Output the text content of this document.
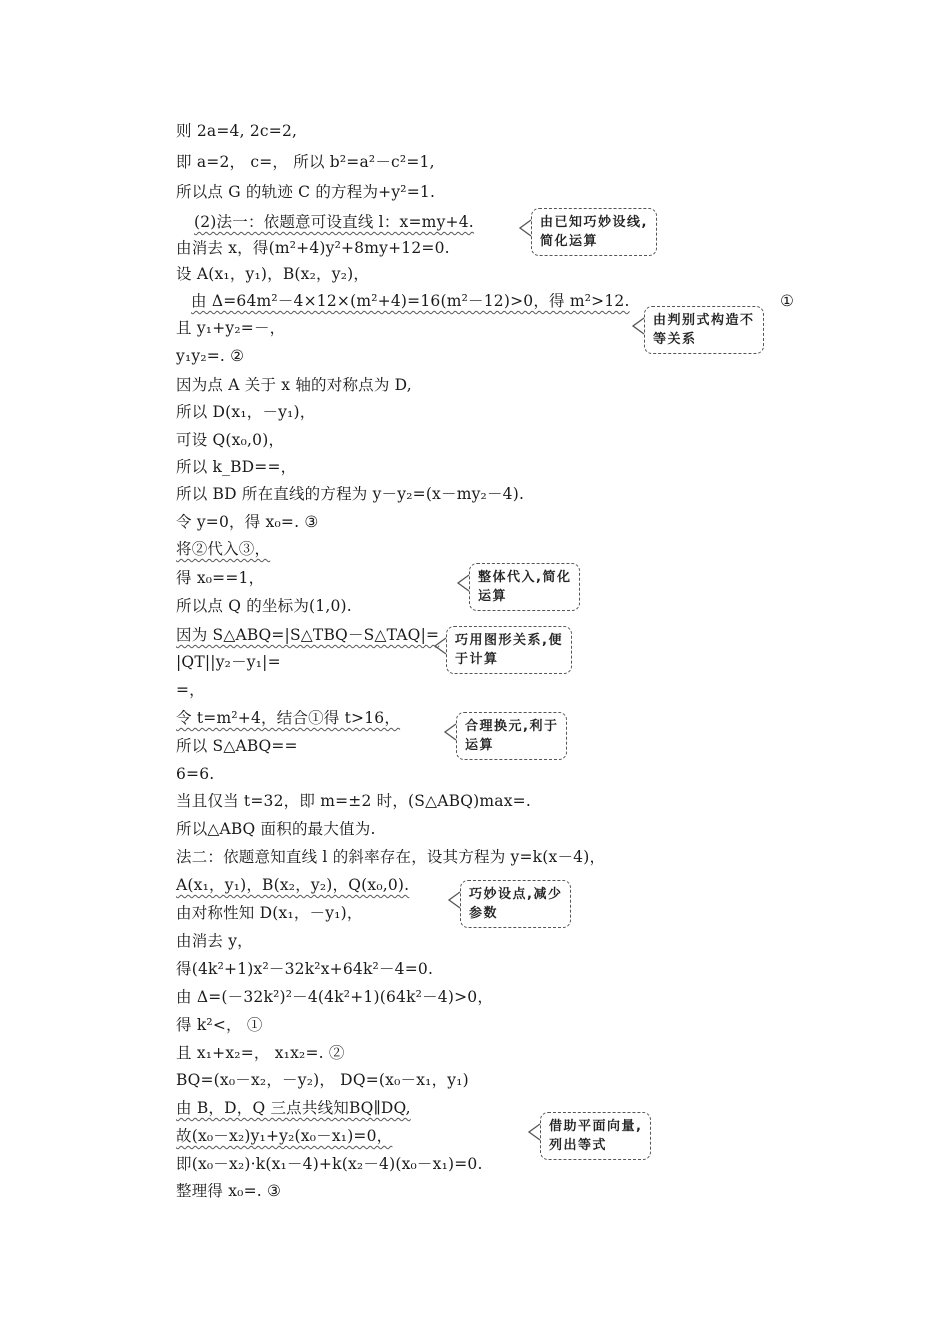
则 2a=4, 2c=2,
即 a=2， c=， 所以 b²=a²－c²=1,
所以点 G 的轨迹 C 的方程为+y²=1.
(2)法一：依题意可设直线 l：x=my+4.
由消去 x，得(m²+4)y²+8my+12=0.
设 A(x₁，y₁)，B(x₂，y₂)，
由 Δ=64m²－4×12×(m²+4)=16(m²－12)>0，得 m²>12.
且 y₁+y₂=－，
y₁y₂=. ②
因为点 A 关于 x 轴的对称点为 D,
所以 D(x₁，－y₁)，
可设 Q(x₀,0)，
所以 k_BD==，
所以 BD 所在直线的方程为 y－y₂=(x－my₂－4).
令 y=0，得 x₀=. ③
将②代入③，
得 x₀==1，
所以点 Q 的坐标为(1,0).
因为 S△ABQ=|S△TBQ－S△TAQ|=
|QT||y₂－y₁|=
=，
令 t=m²+4，结合①得 t>16，
所以 S△ABQ==
6=6.
当且仅当 t=32，即 m=±2 时，(S△ABQ)max=.
所以△ABQ 面积的最大值为.
法二：依题意知直线 l 的斜率存在，设其方程为 y=k(x－4)，
A(x₁，y₁)，B(x₂，y₂)，Q(x₀,0).
由对称性知 D(x₁，－y₁)，
由消去 y，
得(4k²+1)x²－32k²x+64k²－4=0.
由 Δ=(－32k²)²－4(4k²+1)(64k²－4)>0，
得 k²<， ①
且 x₁+x₂=， x₁x₂=. ②
BQ=(x₀－x₂，－y₂)， DQ=(x₀－x₁，y₁)
由 B，D，Q 三点共线知BQ∥DQ,
故(x₀－x₂)y₁+y₂(x₀－x₁)=0，
即(x₀－x₂)·k(x₁－4)+k(x₂－4)(x₀－x₁)=0.
整理得 x₀=. ③
①
由已知巧妙设线,
简化运算
由判别式构造不
等关系
整体代入,简化
运算
巧用图形关系,便
于计算
合理换元,利于
运算
巧妙设点,减少
参数
借助平面向量,
列出等式
